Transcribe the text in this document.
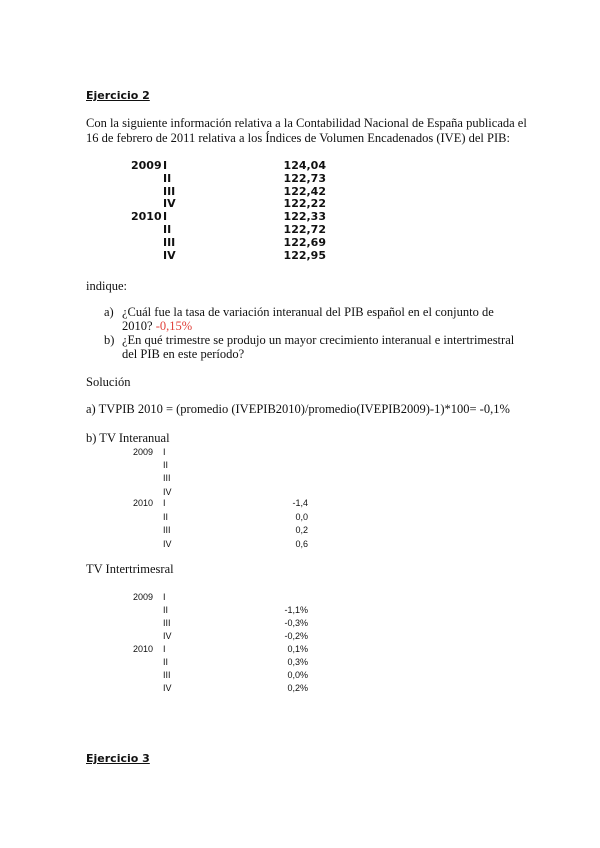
Ejercicio 2
Con la siguiente información relativa a la Contabilidad Nacional de España publicada el
16 de febrero de 2011 relativa a los Índices de Volumen Encadenados (IVE) del PIB:
2009 I	124,04
II	122,73
III	122,42
IV	122,22
2010 I	122,33
II	122,72
III	122,69
IV	122,95
indique:
a) ¿Cuál fue la tasa de variación interanual del PIB español en el conjunto de
2010? -0,15%
b) ¿En qué trimestre se produjo un mayor crecimiento interanual e intertrimestral
del PIB en este período?
Solución
a) TVPIB 2010 = (promedio (IVEPIB2010)/promedio(IVEPIB2009)-1)*100= -0,1%
b) TV Interanual
2009 I
II
III
IV
2010 I	-1,4
II	0,0
III	0,2
IV	0,6
TV Intertrimesral
2009 I
II	-1,1%
III	-0,3%
IV	-0,2%
2010 I	0,1%
II	0,3%
III	0,0%
IV	0,2%
Ejercicio 3
